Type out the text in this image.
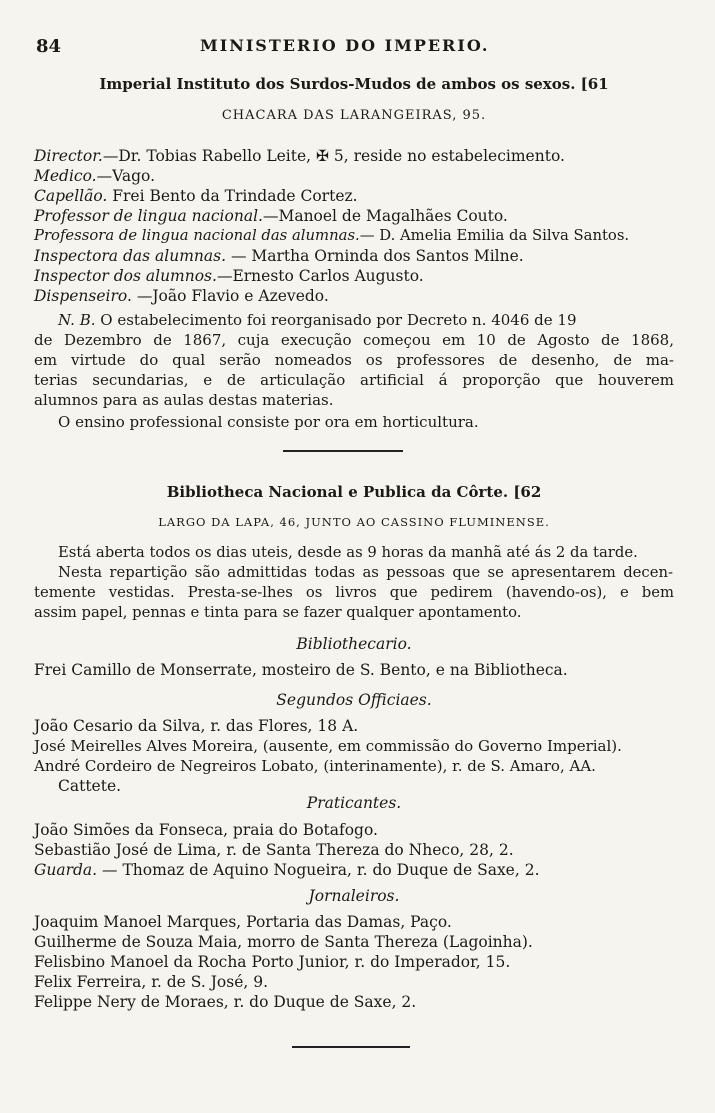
84	MINISTERIO DO IMPERIO.
Imperial Instituto dos Surdos-Mudos de ambos os sexos. [61
CHACARA DAS LARANGEIRAS, 95.
Director.—Dr. Tobias Rabello Leite, ✠ 5, reside no estabelecimento.
Medico.—Vago.
Capellão. Frei Bento da Trindade Cortez.
Professor de lingua nacional.—Manoel de Magalhães Couto.
Professora de lingua nacional das alumnas.— D. Amelia Emilia da Silva Santos.
Inspectora das alumnas. — Martha Orninda dos Santos Milne.
Inspector dos alumnos.—Ernesto Carlos Augusto.
Dispenseiro. —João Flavio e Azevedo.
N. B. O estabelecimento foi reorganisado por Decreto n. 4046 de 19
de Dezembro de 1867, cuja execução começou em 10 de Agosto de 1868,
em virtude do qual serão nomeados os professores de desenho, de ma-
terias secundarias, e de articulação artificial á proporção que houverem
alumnos para as aulas destas materias.
O ensino professional consiste por ora em horticultura.
Bibliotheca Nacional e Publica da Côrte. [62
LARGO DA LAPA, 46, JUNTO AO CASSINO FLUMINENSE.
Está aberta todos os dias uteis, desde as 9 horas da manhã até ás 2 da tarde.
Nesta repartição são admittidas todas as pessoas que se apresentarem decen-
temente vestidas. Presta-se-lhes os livros que pedirem (havendo-os), e bem
assim papel, pennas e tinta para se fazer qualquer apontamento.
Bibliothecario.
Frei Camillo de Monserrate, mosteiro de S. Bento, e na Bibliotheca.
Segundos Officiaes.
João Cesario da Silva, r. das Flores, 18 A.
José Meirelles Alves Moreira, (ausente, em commissão do Governo Imperial).
André Cordeiro de Negreiros Lobato, (interinamente), r. de S. Amaro, AA.
Cattete.
Praticantes.
João Simões da Fonseca, praia do Botafogo.
Sebastião José de Lima, r. de Santa Thereza do Nheco, 28, 2.
Guarda. — Thomaz de Aquino Nogueira, r. do Duque de Saxe, 2.
Jornaleiros.
Joaquim Manoel Marques, Portaria das Damas, Paço.
Guilherme de Souza Maia, morro de Santa Thereza (Lagoinha).
Felisbino Manoel da Rocha Porto Junior, r. do Imperador, 15.
Felix Ferreira, r. de S. José, 9.
Felippe Nery de Moraes, r. do Duque de Saxe, 2.
